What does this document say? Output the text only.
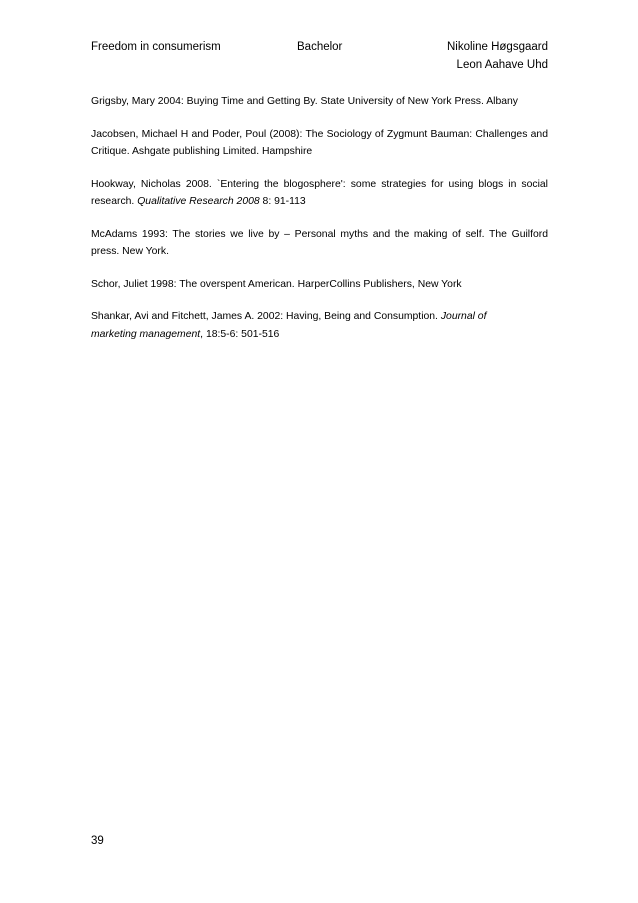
Freedom in consumerism	Bachelor	Nikoline Høgsgaard
Leon Aahave Uhd

Grigsby, Mary 2004: Buying Time and Getting By. State University of New York Press. Albany

Jacobsen, Michael H and Poder, Poul (2008): The Sociology of Zygmunt Bauman: Challenges and Critique. Ashgate publishing Limited. Hampshire

Hookway, Nicholas 2008. `Entering the blogosphere': some strategies for using blogs in social research. Qualitative Research 2008 8: 91-113

McAdams 1993: The stories we live by – Personal myths and the making of self. The Guilford press. New York.

Schor, Juliet 1998: The overspent American. HarperCollins Publishers, New York

Shankar, Avi and Fitchett, James A. 2002: Having, Being and Consumption. Journal of marketing management, 18:5-6: 501-516

39
